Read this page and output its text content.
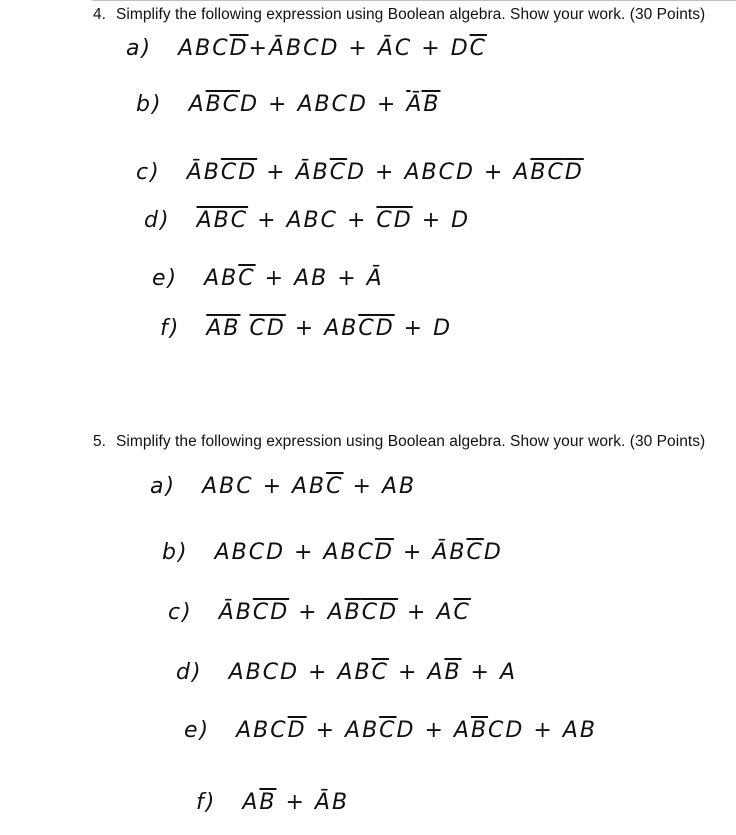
4. Simplify the following expression using Boolean algebra. Show your work. (30 Points)
a) $ABC\overline{D}+ĀBCD$ + ĀC + $D\overline{C}$
b) $A\overline{BC}D$ + ABCD + $\overline{ĀB}$
c) $ĀB\overline{CD}$ + $ĀB\overline{C}D$ + ABCD + $A\overline{BC}\overline{D}$
d) $\overline{ABC}$ + ABC + $\overline{CD} + D$
e) $AB\overline{C}$ + AB + Ā
f) $\overline{AB}$ $\overline{CD} + AB\overline{CD} + D$
5. Simplify the following expression using Boolean algebra. Show your work. (30 Points)
a) ABC + $AB\overline{C}$ + AB
b) ABCD + $ABC\overline{D}$ + $ĀB\overline{C}D$
c) $ĀB\overline{CD} + A\overline{B}\overline{CD} + A\overline{C}$
d) ABCD + $AB\overline{C} + A\overline{B} + A$
e) $ABC\overline{D} + AB\overline{C}D + A\overline{B}CD$ + AB
f) $A\overline{B}$ + ĀB
